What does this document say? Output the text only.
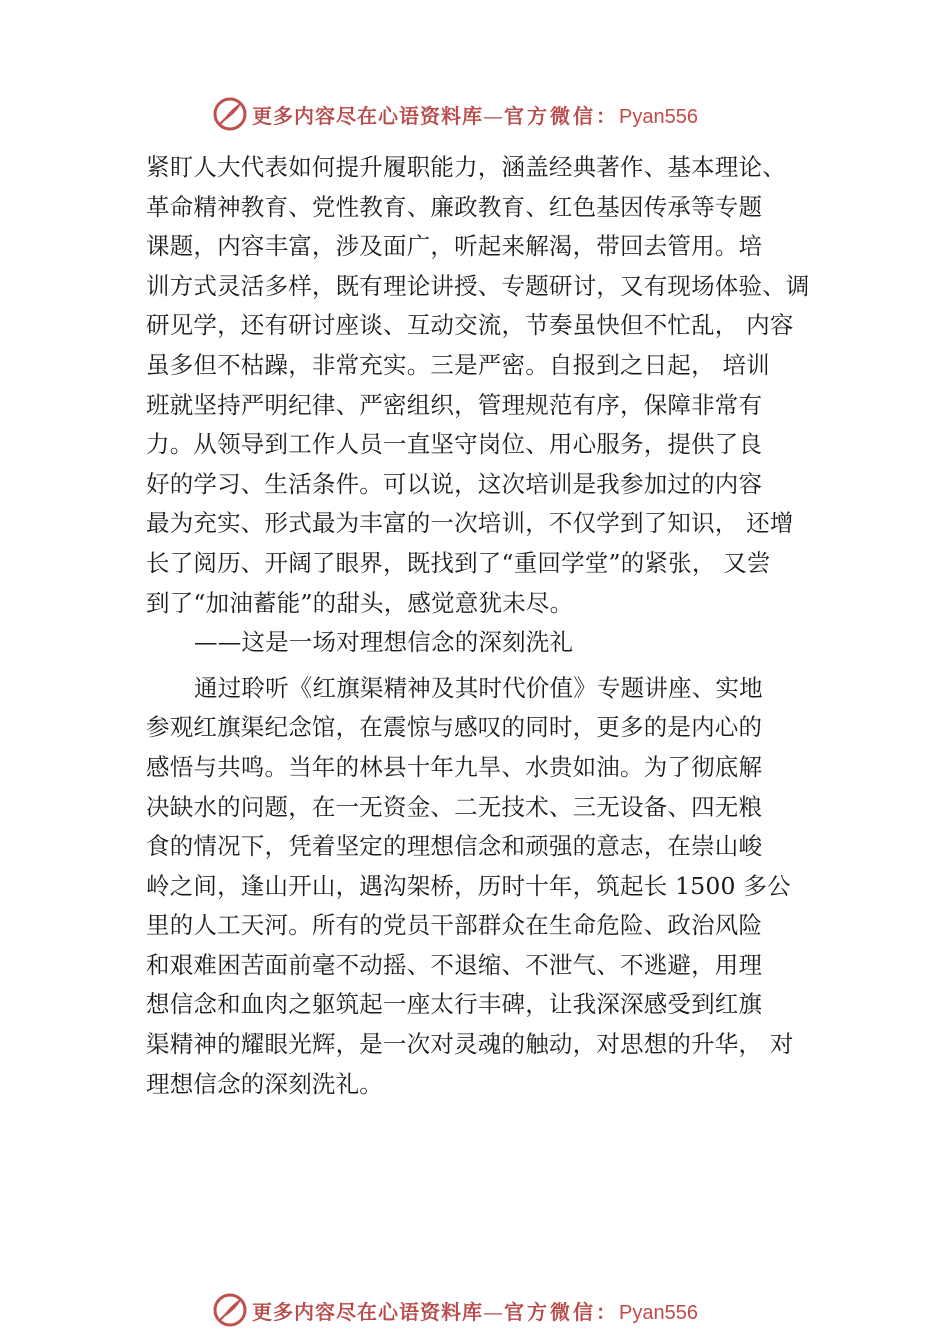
更多内容尽在心语资料库—官方微信：Pyan556
紧盯人大代表如何提升履职能力，涵盖经典著作、基本理论、
革命精神教育、党性教育、廉政教育、红色基因传承等专题
课题，内容丰富，涉及面广，听起来解渴，带回去管用。培
训方式灵活多样，既有理论讲授、专题研讨，又有现场体验、调
研见学，还有研讨座谈、互动交流，节奏虽快但不忙乱， 内容
虽多但不枯躁，非常充实。三是严密。自报到之日起， 培训
班就坚持严明纪律、严密组织，管理规范有序，保障非常有
力。从领导到工作人员一直坚守岗位、用心服务，提供了良
好的学习、生活条件。可以说，这次培训是我参加过的内容
最为充实、形式最为丰富的一次培训，不仅学到了知识， 还增
长了阅历、开阔了眼界，既找到了“重回学堂”的紧张， 又尝
到了“加油蓄能”的甜头，感觉意犹未尽。
——这是一场对理想信念的深刻洗礼
通过聆听《红旗渠精神及其时代价值》专题讲座、实地
参观红旗渠纪念馆，在震惊与感叹的同时，更多的是内心的
感悟与共鸣。当年的林县十年九旱、水贵如油。为了彻底解
决缺水的问题，在一无资金、二无技术、三无设备、四无粮
食的情况下，凭着坚定的理想信念和顽强的意志，在崇山峻
岭之间，逢山开山，遇沟架桥，历时十年，筑起长 1500 多公
里的人工天河。所有的党员干部群众在生命危险、政治风险
和艰难困苦面前毫不动摇、不退缩、不泄气、不逃避，用理
想信念和血肉之躯筑起一座太行丰碑，让我深深感受到红旗
渠精神的耀眼光辉，是一次对灵魂的触动，对思想的升华， 对
理想信念的深刻洗礼。
更多内容尽在心语资料库—官方微信：Pyan556
